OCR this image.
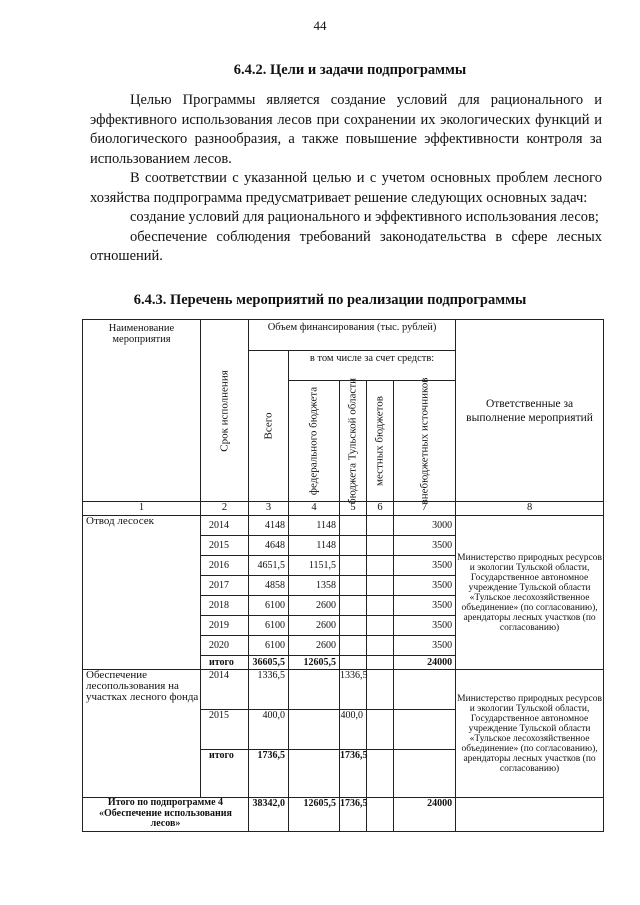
44
6.4.2. Цели и задачи подпрограммы

Целью Программы является создание условий для рационального и эффективного использования лесов при сохранении их экологических функций и биологического разнообразия, а также повышение эффективности контроля за использованием лесов.

В соответствии с указанной целью и с учетом основных проблем лесного хозяйства подпрограмма предусматривает решение следующих основных задач:

создание условий для рационального и эффективного использования лесов;

обеспечение соблюдения требований законодательства в сфере лесных отношений.

6.4.3. Перечень мероприятий по реализации подпрограммы
Наименование мероприятия	Срок исполнения	Объем финансирования (тыс. рублей)					Ответственные за выполнение мероприятий

		Всего	в том числе за счет средств:				

			федерального бюджета	бюджета Тульской области	местных бюджетов	внебюджетных источников	

1	2	3	4	5	6	7	8
Отвод лесосек	2014	4148	1148			3000	Министерство природных ресурсов и экологии Тульской области, Государственное автономное учреждение Тульской области «Тульское лесохозяйственное объединение» (по согласованию), арендаторы лесных участков (по согласованию)
	2015	4648	1148			3500	
	2016	4651,5	1151,5			3500	
	2017	4858	1358			3500	
	2018	6100	2600			3500	
	2019	6100	2600			3500	
	2020	6100	2600			3500	
	итого	36605,5	12605,5			24000	
Обеспечение лесопользования на участках лесного фонда	2014	1336,5		1336,5			Министерство природных ресурсов и экологии Тульской области, Государственное автономное учреждение Тульской области «Тульское лесохозяйственное объединение» (по согласованию), арендаторы лесных участков (по согласованию)
	2015	400,0		400,0			
	итого	1736,5		1736,5			
Итого по подпрограмме 4 «Обеспечение использования лесов»		38342,0	12605,5	1736,5		24000	
